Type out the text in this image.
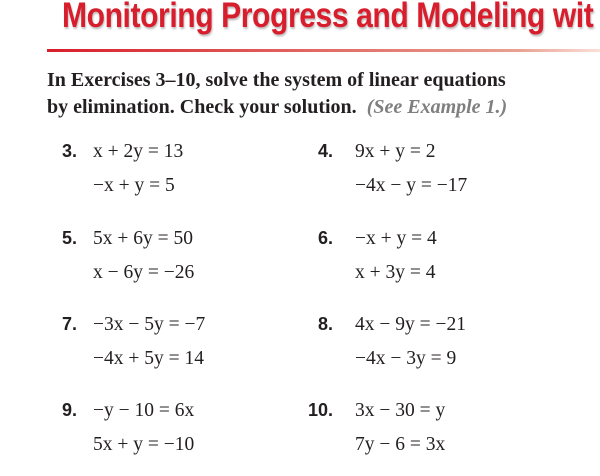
Monitoring Progress and Modeling wit
In Exercises 3–10, solve the system of linear equations
by elimination. Check your solution. (See Example 1.)
3. x + 2y = 13
−x + y = 5
4. 9x + y = 2
−4x − y = −17
5. 5x + 6y = 50
x − 6y = −26
6. −x + y = 4
x + 3y = 4
7. −3x − 5y = −7
−4x + 5y = 14
8. 4x − 9y = −21
−4x − 3y = 9
9. −y − 10 = 6x
5x + y = −10
10. 3x − 30 = y
7y − 6 = 3x
